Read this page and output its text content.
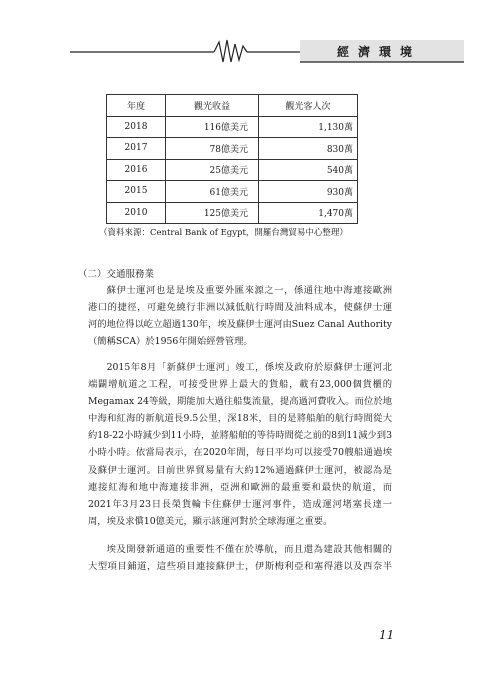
經濟環境
年度	觀光收益	觀光客人次
2018	116億美元	1,130萬
2017	78億美元	830萬
2016	25億美元	540萬
2015	61億美元	930萬
2010	125億美元	1,470萬
（資料來源：Central Bank of Egypt，開羅台灣貿易中心整理）
（二）交通服務業

蘇伊士運河也是是埃及重要外匯來源之一，係通往地中海連接歐洲

港口的捷徑，可避免繞行非洲以減低航行時間及油料成本，使蘇伊士運
河的地位得以屹立超過130年，埃及蘇伊士運河由Suez Canal Authority
（簡稱SCA）於1956年開始經營管理。

2015年8月「新蘇伊士運河」竣工，係埃及政府於原蘇伊士運河北

端闢增航道之工程，可接受世界上最大的貨船，載有23,000個貨櫃的
Megamax 24等級，期能加大過往船隻流量，提高過河費收入。而位於地
中海和紅海的新航道長9.5公里，深18米，目的是將船舶的航行時間從大
約18-22小時減少到11小時，並將船舶的等待時間從之前的8到11減少到3
小時小時。依當局表示，在2020年間，每日平均可以接受70艘船通過埃
及蘇伊士運河。目前世界貿易量有大約12%通過蘇伊士運河，被認為是
連接紅海和地中海連接非洲，亞洲和歐洲的最重要和最快的航道，而
2021年3月23日長榮貨輪卡住蘇伊士運河事件，造成運河堵塞長達一
周，埃及求償10億美元，顯示該運河對於全球海運之重要。

埃及開發新通道的重要性不僅在於導航，而且還為建設其他相關的

大型項目鋪道，這些項目連接蘇伊士，伊斯梅利亞和塞得港以及西奈半
11
